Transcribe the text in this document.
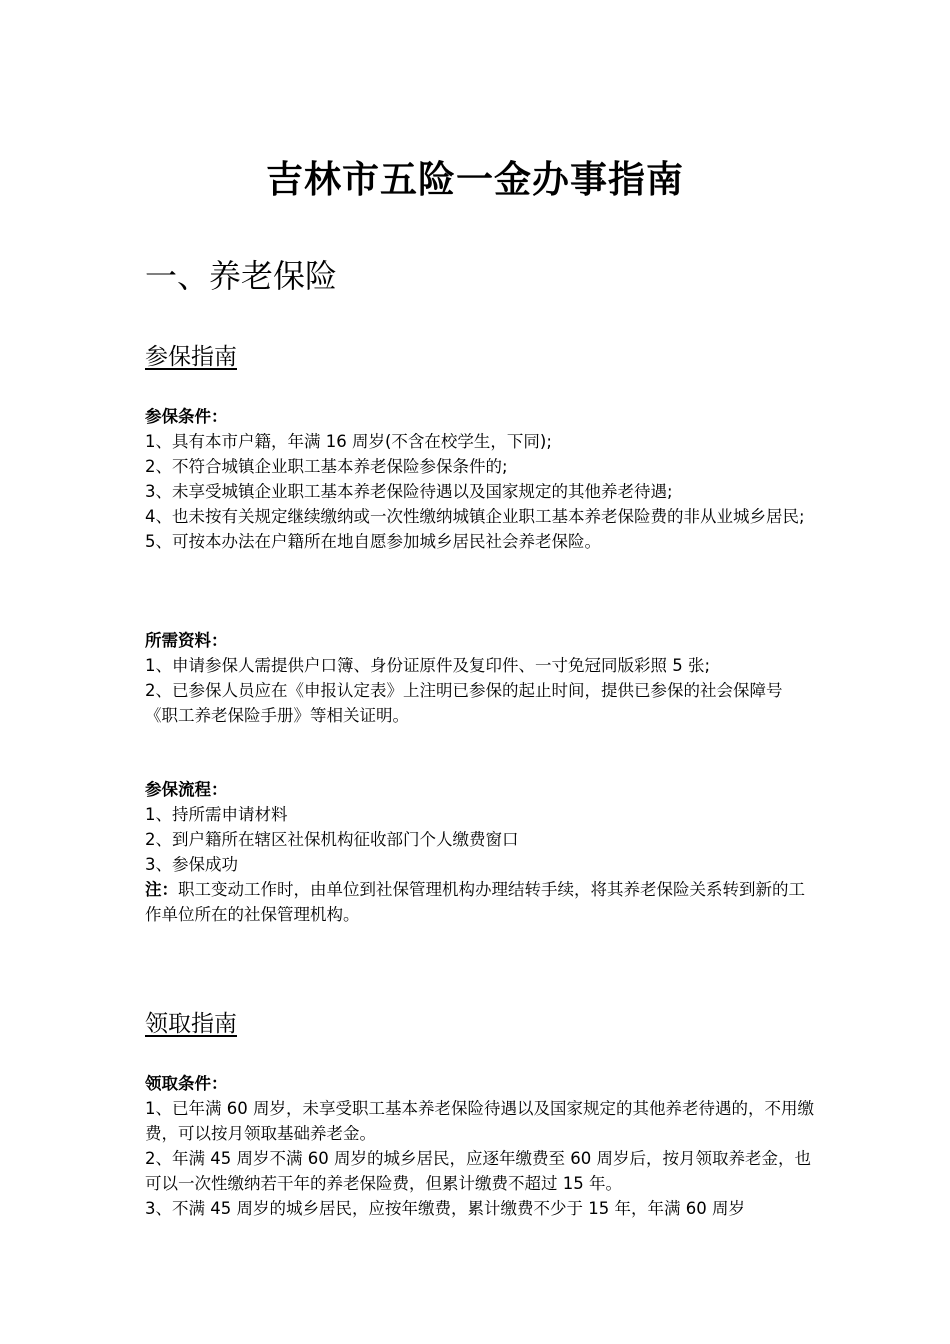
吉林市五险一金办事指南
一、养老保险
参保指南
参保条件：
1、具有本市户籍，年满 16 周岁(不含在校学生，下同);
2、不符合城镇企业职工基本养老保险参保条件的;
3、未享受城镇企业职工基本养老保险待遇以及国家规定的其他养老待遇;
4、也未按有关规定继续缴纳或一次性缴纳城镇企业职工基本养老保险费的非从业城乡居民;
5、可按本办法在户籍所在地自愿参加城乡居民社会养老保险。
所需资料：
1、申请参保人需提供户口簿、身份证原件及复印件、一寸免冠同版彩照 5 张;
2、已参保人员应在《申报认定表》上注明已参保的起止时间，提供已参保的社会保障号《职工养老保险手册》等相关证明。
参保流程：
1、持所需申请材料
2、到户籍所在辖区社保机构征收部门个人缴费窗口
3、参保成功
注：职工变动工作时，由单位到社保管理机构办理结转手续，将其养老保险关系转到新的工作单位所在的社保管理机构。
领取指南
领取条件：
1、已年满 60 周岁，未享受职工基本养老保险待遇以及国家规定的其他养老待遇的，不用缴费，可以按月领取基础养老金。
2、年满 45 周岁不满 60 周岁的城乡居民，应逐年缴费至 60 周岁后，按月领取养老金，也可以一次性缴纳若干年的养老保险费，但累计缴费不超过 15 年。
3、不满 45 周岁的城乡居民，应按年缴费，累计缴费不少于 15 年，年满 60 周岁
